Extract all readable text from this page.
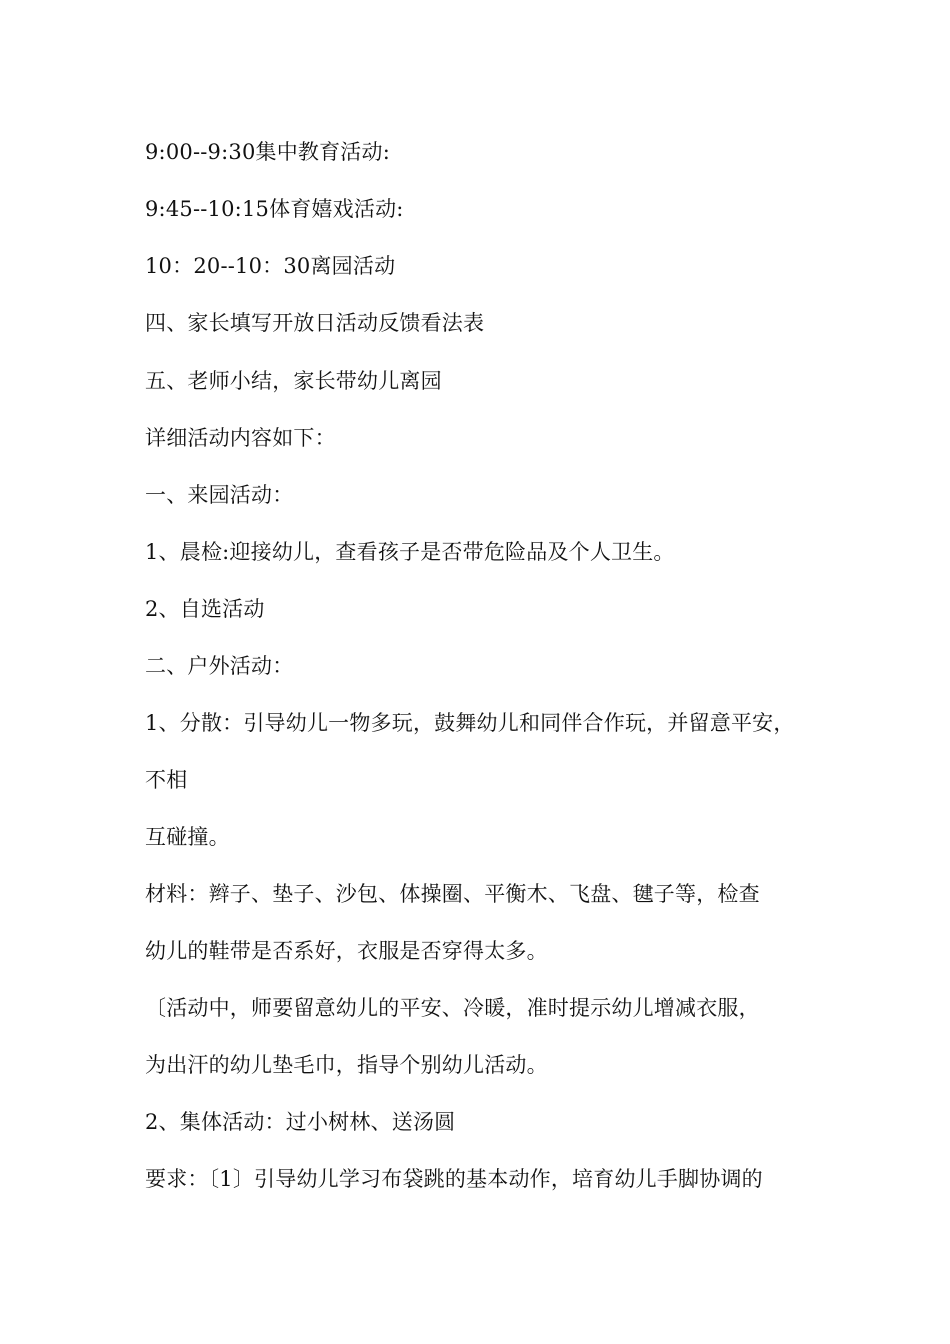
9:00--9:30集中教育活动:
9:45--10:15体育嬉戏活动:
10：20--10：30离园活动
四、家长填写开放日活动反馈看法表
五、老师小结，家长带幼儿离园
详细活动内容如下：
一、来园活动：
1、晨检:迎接幼儿，查看孩子是否带危险品及个人卫生。
2、自选活动
二、户外活动：
1、分散：引导幼儿一物多玩，鼓舞幼儿和同伴合作玩，并留意平安，
不相
互碰撞。
材料：辫子、垫子、沙包、体操圈、平衡木、飞盘、毽子等，检查
幼儿的鞋带是否系好，衣服是否穿得太多。
〔活动中，师要留意幼儿的平安、冷暖，准时提示幼儿增减衣服，
为出汗的幼儿垫毛巾，指导个别幼儿活动。
2、集体活动：过小树林、送汤圆
要求：〔1〕引导幼儿学习布袋跳的基本动作，培育幼儿手脚协调的
